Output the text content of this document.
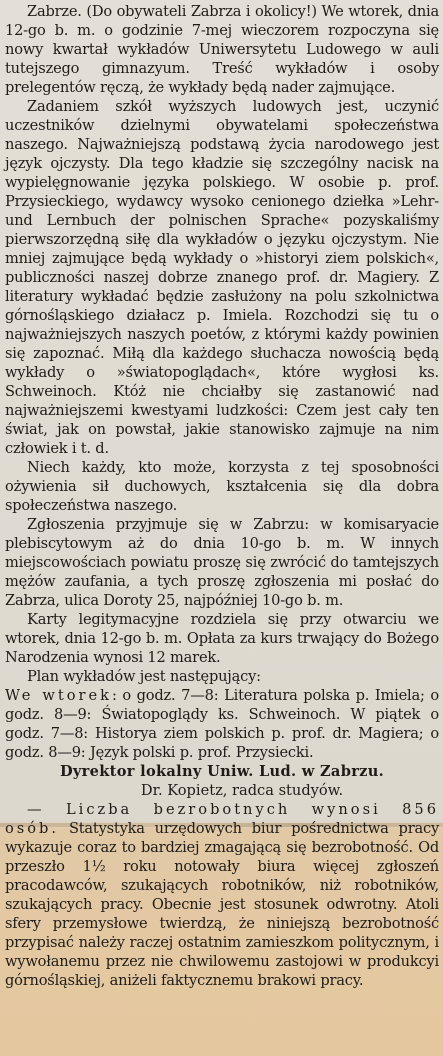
Zabrze. (Do obywateli Zabrza i okolicy!) We wtorek, dnia 12-go b. m. o godzinie 7-mej wieczorem rozpoczyna się nowy kwartał wykładów Uniwersytetu Ludowego w auli tutejszego gimnazyum. Treść wykładów i osoby prelegentów ręczą, że wykłady będą nader zajmujące.

Zadaniem szkół wyższych ludowych jest, uczynić uczestników dzielnymi obywatelami społeczeństwa naszego. Najważniejszą podstawą życia narodowego jest język ojczysty. Dla tego kładzie się szczególny nacisk na wypielęgnowanie języka polskiego. W osobie p. prof. Przysieckiego, wydawcy wysoko cenionego dziełka »Lehr- und Lernbuch der polnischen Sprache« pozyskaliśmy pierwszorzędną siłę dla wykładów o języku ojczystym. Nie mniej zajmujące będą wykłady o »historyi ziem polskich«, publiczności naszej dobrze znanego prof. dr. Magiery. Z literatury wykładać będzie zasłużony na polu szkolnictwa górnośląskiego działacz p. Imiela. Rozchodzi się tu o najważniejszych naszych poetów, z którymi każdy powinien się zapoznać. Miłą dla każdego słuchacza nowością będą wykłady o »światopoglądach«, które wygłosi ks. Schweinoch. Któż nie chciałby się zastanowić nad najważniejszemi kwestyami ludzkości: Czem jest cały ten świat, jak on powstał, jakie stanowisko zajmuje na nim człowiek i t. d.

Niech każdy, kto może, korzysta z tej sposobności ożywienia sił duchowych, kształcenia się dla dobra społeczeństwa naszego.

Zgłoszenia przyjmuje się w Zabrzu: w komisaryacie plebiscytowym aż do dnia 10-go b. m. W innych miejscowościach powiatu proszę się zwrócić do tamtejszych mężów zaufania, a tych proszę zgłoszenia mi posłać do Zabrza, ulica Doroty 25, najpóźniej 10-go b. m.

Karty legitymacyjne rozdziela się przy otwarciu we wtorek, dnia 12-go b. m. Opłata za kurs trwający do Bożego Narodzenia wynosi 12 marek.

Plan wykładów jest następujący:

We wtorek: o godz. 7—8: Literatura polska p. Imiela; o godz. 8—9: Światopoglądy ks. Schweinoch. W piątek o godz. 7—8: Historya ziem polskich p. prof. dr. Magiera; o godz. 8—9: Język polski p. prof. Przysiecki.

Dyrektor lokalny Uniw. Lud. w Zabrzu.

Dr. Kopietz, radca studyów.

— Liczba bezrobotnych wynosi 856 osób. Statystyka urzędowych biur pośrednictwa pracy wykazuje coraz to bardziej zmagającą się bezrobotność. Od przeszło 1½ roku notowały biura więcej zgłoszeń pracodawców, szukających robotników, niż robotników, szukających pracy. Obecnie jest stosunek odwrotny. Atoli sfery przemysłowe twierdzą, że niniejszą bezrobotność przypisać należy raczej ostatnim zamieszkom politycznym, i wywołanemu przez nie chwilowemu zastojowi w produkcyi górnośląskiej, aniżeli faktycznemu brakowi pracy.
